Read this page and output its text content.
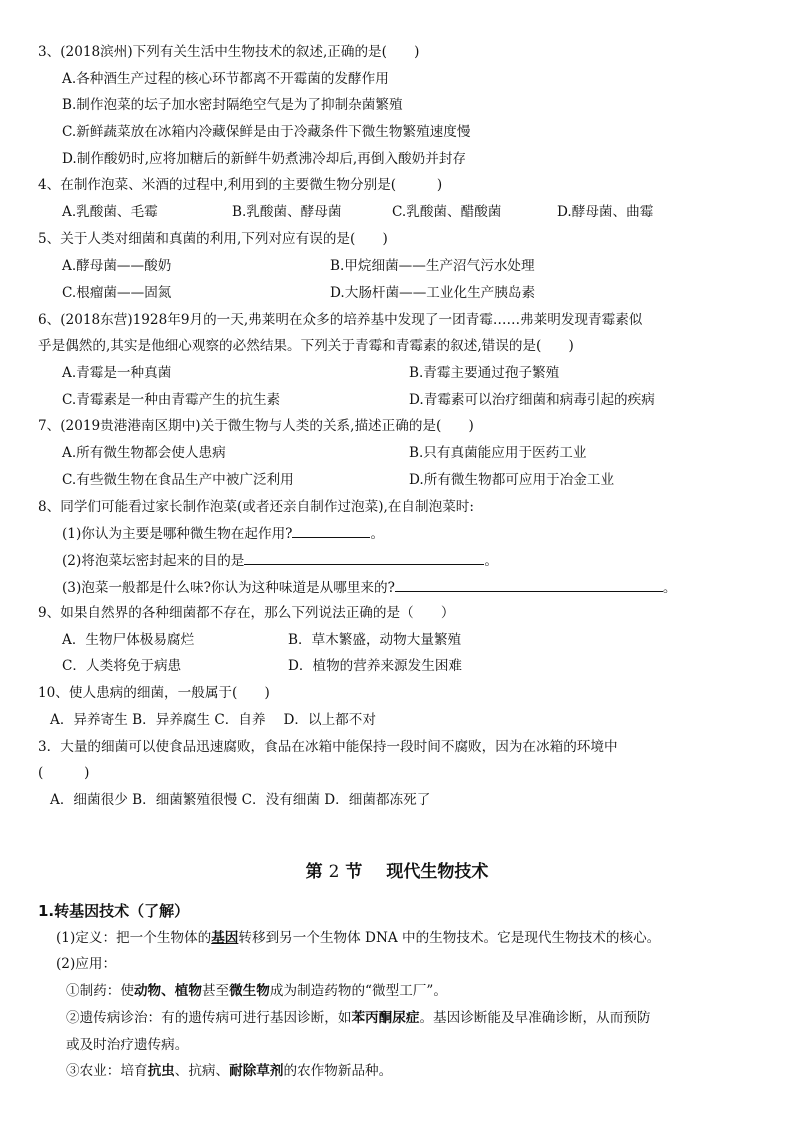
3、(2018滨州)下列有关生活中生物技术的叙述,正确的是(　　)
A.各种酒生产过程的核心环节都离不开霉菌的发酵作用
B.制作泡菜的坛子加水密封隔绝空气是为了抑制杂菌繁殖
C.新鲜蔬菜放在冰箱内冷藏保鲜是由于冷藏条件下微生物繁殖速度慢
D.制作酸奶时,应将加糖后的新鲜牛奶煮沸冷却后,再倒入酸奶并封存
4、在制作泡菜、米酒的过程中,利用到的主要微生物分别是(　　　)
A.乳酸菌、毛霉	B.乳酸菌、酵母菌	C.乳酸菌、醋酸菌	D.酵母菌、曲霉
5、关于人类对细菌和真菌的利用,下列对应有误的是(　　)
A.酵母菌——酸奶	B.甲烷细菌——生产沼气污水处理
C.根瘤菌——固氮	D.大肠杆菌——工业化生产胰岛素
6、(2018东营)1928年9月的一天,弗莱明在众多的培养基中发现了一团青霉……弗莱明发现青霉素似
乎是偶然的,其实是他细心观察的必然结果。下列关于青霉和青霉素的叙述,错误的是(　　)
A.青霉是一种真菌	B.青霉主要通过孢子繁殖
C.青霉素是一种由青霉产生的抗生素	D.青霉素可以治疗细菌和病毒引起的疾病
7、(2019贵港港南区期中)关于微生物与人类的关系,描述正确的是(　　)
A.所有微生物都会使人患病	B.只有真菌能应用于医药工业
C.有些微生物在食品生产中被广泛利用	D.所有微生物都可应用于冶金工业
8、同学们可能看过家长制作泡菜(或者还亲自制作过泡菜),在自制泡菜时:
(1)你认为主要是哪种微生物在起作用?	。
(2)将泡菜坛密封起来的目的是	。
(3)泡菜一般都是什么味?你认为这种味道是从哪里来的?	。
9、如果自然界的各种细菌都不存在，那么下列说法正确的是（　　）
A．生物尸体极易腐烂	B．草木繁盛，动物大量繁殖
C．人类将免于病患	D．植物的营养来源发生困难
10、使人患病的细菌，一般属于(　　)
A．异养寄生 B．异养腐生 C．自养　 D．以上都不对
3．大量的细菌可以使食品迅速腐败，食品在冰箱中能保持一段时间不腐败，因为在冰箱的环境中
(　　　)
A．细菌很少 B．细菌繁殖很慢 C．没有细菌 D．细菌都冻死了
第 2 节 现代生物技术
1.转基因技术（了解）
(1)定义：把一个生物体的基因转移到另一个生物体 DNA 中的生物技术。它是现代生物技术的核心。
(2)应用：
①制药：使动物、植物甚至微生物成为制造药物的“微型工厂”。
②遗传病诊治：有的遗传病可进行基因诊断，如苯丙酮尿症。基因诊断能及早准确诊断，从而预防
或及时治疗遗传病。
③农业：培育抗虫、抗病、耐除草剂的农作物新品种。
